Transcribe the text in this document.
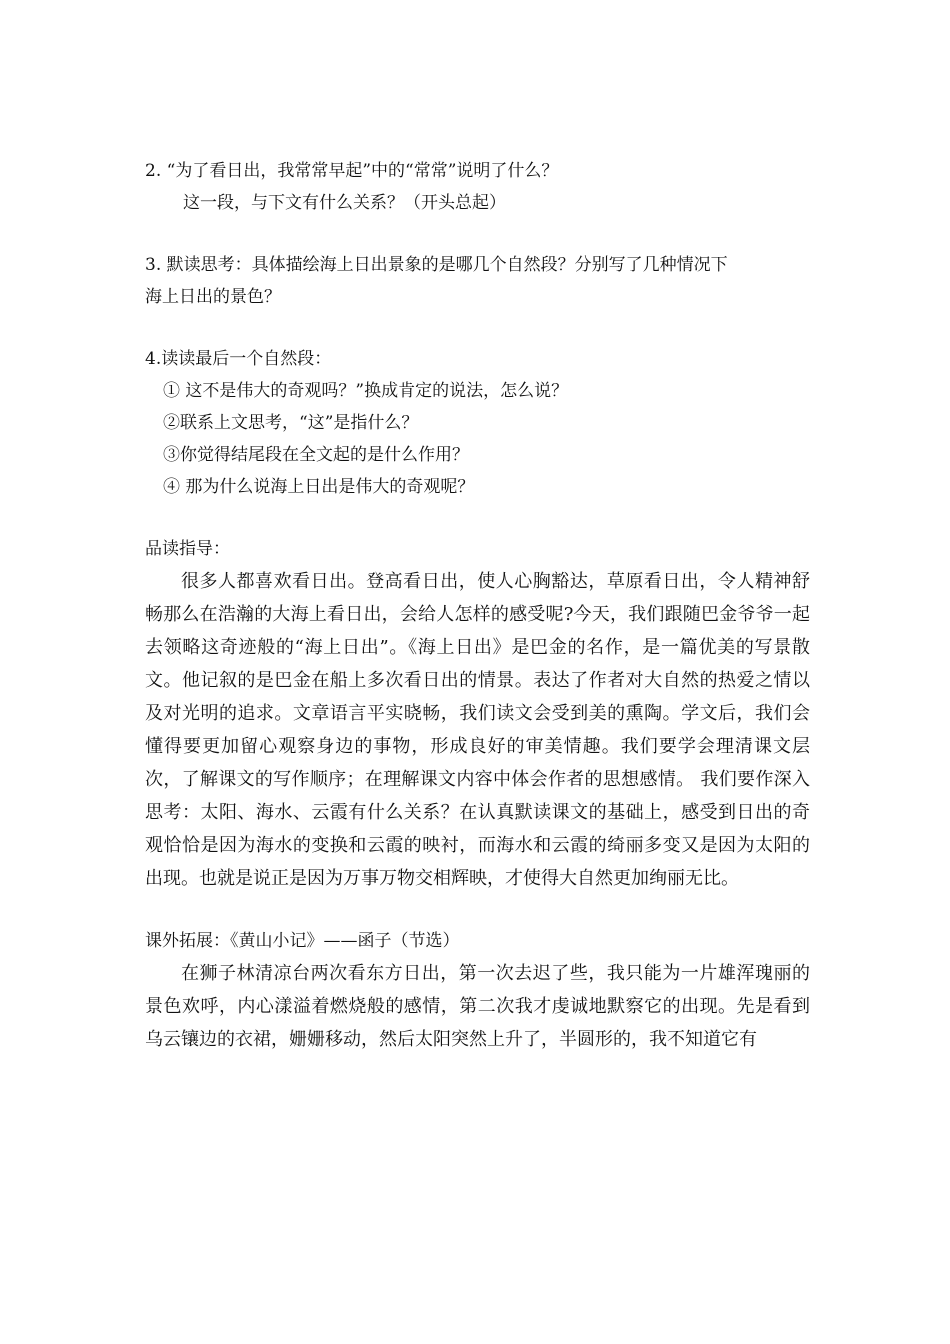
2. “为了看日出，我常常早起”中的“常常”说明了什么？
这一段，与下文有什么关系？（开头总起）
3. 默读思考：具体描绘海上日出景象的是哪几个自然段？分别写了几种情况下
海上日出的景色？
4.读读最后一个自然段：
① 这不是伟大的奇观吗？”换成肯定的说法，怎么说？
②联系上文思考，“这”是指什么？
③你觉得结尾段在全文起的是什么作用？
④ 那为什么说海上日出是伟大的奇观呢？
品读指导：
很多人都喜欢看日出。登高看日出，使人心胸豁达，草原看日出，令人精神舒畅那么在浩瀚的大海上看日出，会给人怎样的感受呢?今天，我们跟随巴金爷爷一起去领略这奇迹般的“海上日出”。《海上日出》是巴金的名作，是一篇优美的写景散文。他记叙的是巴金在船上多次看日出的情景。表达了作者对大自然的热爱之情以及对光明的追求。文章语言平实晓畅，我们读文会受到美的熏陶。学文后，我们会懂得要更加留心观察身边的事物，形成良好的审美情趣。我们要学会理清课文层次，了解课文的写作顺序；在理解课文内容中体会作者的思想感情。 我们要作深入思考：太阳、海水、云霞有什么关系？在认真默读课文的基础上，感受到日出的奇观恰恰是因为海水的变换和云霞的映衬，而海水和云霞的绮丽多变又是因为太阳的出现。也就是说正是因为万事万物交相辉映，才使得大自然更加绚丽无比。
课外拓展：《黄山小记》——函子（节选）
在狮子林清凉台两次看东方日出，第一次去迟了些，我只能为一片雄浑瑰丽的景色欢呼，内心漾溢着燃烧般的感情，第二次我才虔诚地默察它的出现。先是看到乌云镶边的衣裙，姗姗移动，然后太阳突然上升了，半圆形的，我不知道它有
